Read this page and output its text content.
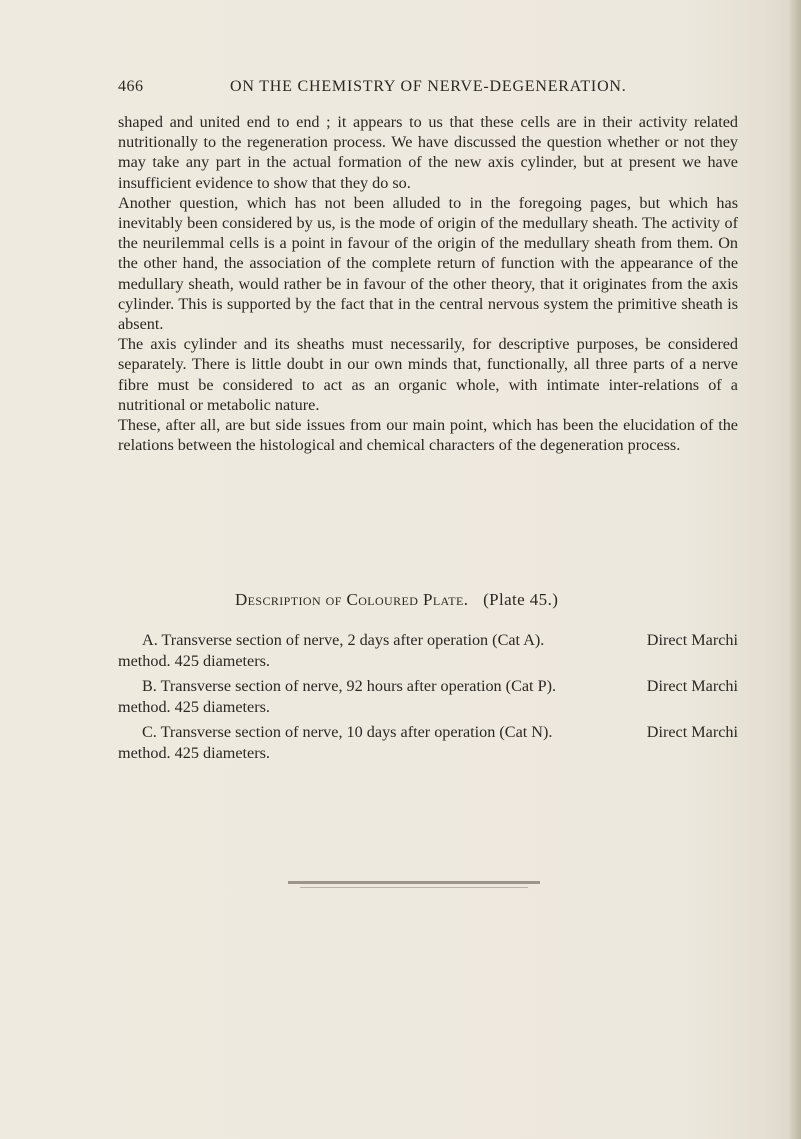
466	ON THE CHEMISTRY OF NERVE-DEGENERATION.

shaped and united end to end ; it appears to us that these cells are in their activity related nutritionally to the regeneration process. We have discussed the question whether or not they may take any part in the actual formation of the new axis cylinder, but at present we have insufficient evidence to show that they do so.

Another question, which has not been alluded to in the foregoing pages, but which has inevitably been considered by us, is the mode of origin of the medullary sheath. The activity of the neurilemmal cells is a point in favour of the origin of the medullary sheath from them. On the other hand, the association of the complete return of function with the appearance of the medullary sheath, would rather be in favour of the other theory, that it originates from the axis cylinder. This is supported by the fact that in the central nervous system the primitive sheath is absent.

The axis cylinder and its sheaths must necessarily, for descriptive purposes, be considered separately. There is little doubt in our own minds that, functionally, all three parts of a nerve fibre must be considered to act as an organic whole, with intimate inter-relations of a nutritional or metabolic nature.

These, after all, are but side issues from our main point, which has been the elucidation of the relations between the histological and chemical characters of the degeneration process.

Description of Coloured Plate. (Plate 45.)
A. Transverse section of nerve, 2 days after operation (Cat A).	Direct Marchi
method. 425 diameters.
B. Transverse section of nerve, 92 hours after operation (Cat P).	Direct Marchi
method. 425 diameters.
C. Transverse section of nerve, 10 days after operation (Cat N).	Direct Marchi
method. 425 diameters.
